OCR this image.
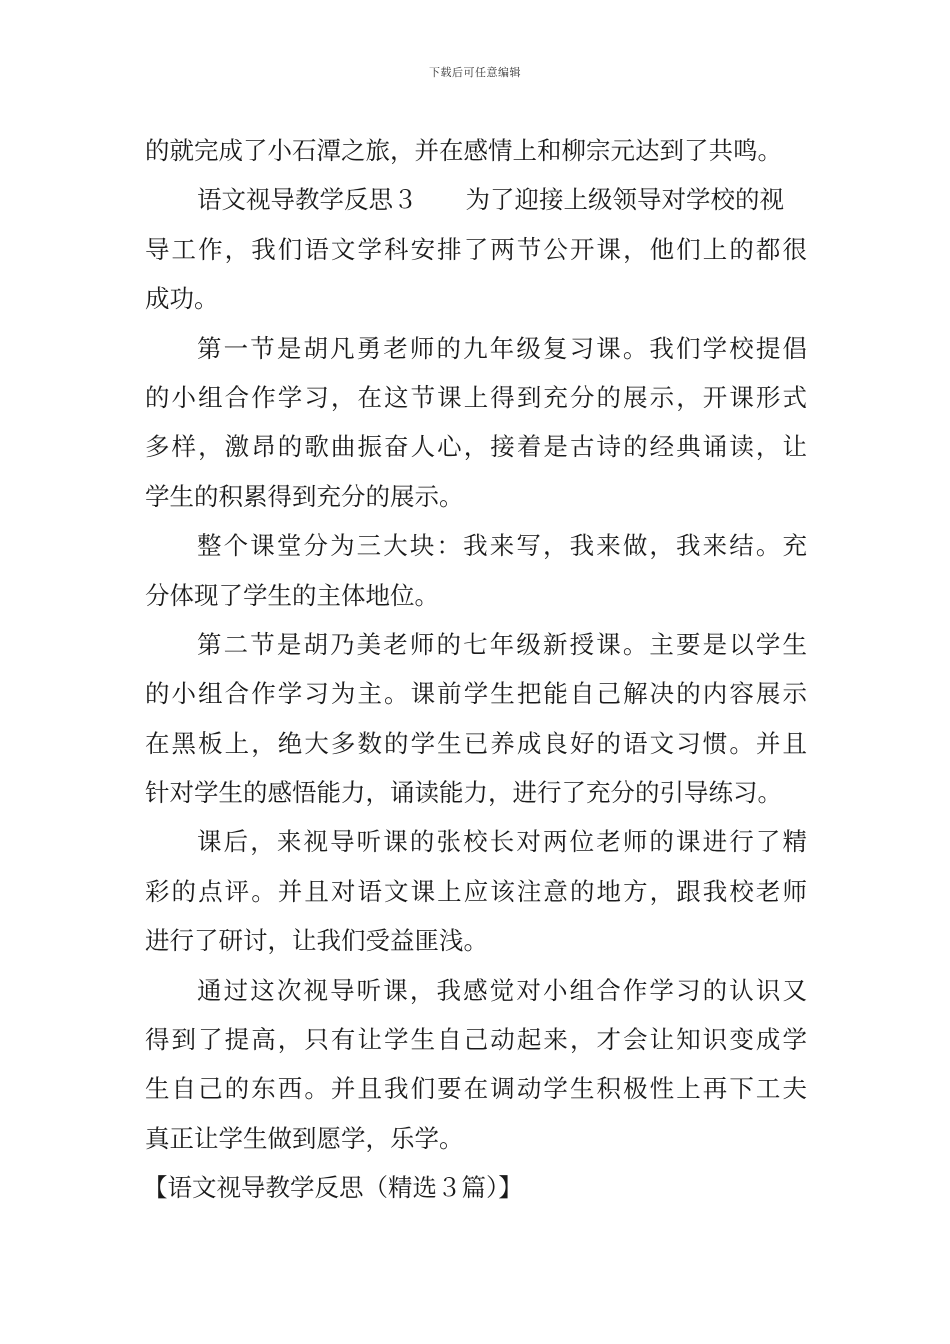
下载后可任意编辑
的就完成了小石潭之旅，并在感情上和柳宗元达到了共鸣。
语文视导教学反思３ 为了迎接上级领导对学校的视
导工作，我们语文学科安排了两节公开课，他们上的都很
成功。
第一节是胡凡勇老师的九年级复习课。我们学校提倡
的小组合作学习，在这节课上得到充分的展示，开课形式
多样，激昂的歌曲振奋人心，接着是古诗的经典诵读，让
学生的积累得到充分的展示。
整个课堂分为三大块：我来写，我来做，我来结。充
分体现了学生的主体地位。
第二节是胡乃美老师的七年级新授课。主要是以学生
的小组合作学习为主。课前学生把能自己解决的内容展示
在黑板上，绝大多数的学生已养成良好的语文习惯。并且
针对学生的感悟能力，诵读能力，进行了充分的引导练习。
课后，来视导听课的张校长对两位老师的课进行了精
彩的点评。并且对语文课上应该注意的地方，跟我校老师
进行了研讨，让我们受益匪浅。
通过这次视导听课，我感觉对小组合作学习的认识又
得到了提高，只有让学生自己动起来，才会让知识变成学
生自己的东西。并且我们要在调动学生积极性上再下工夫
真正让学生做到愿学，乐学。
【语文视导教学反思（精选３篇）】
